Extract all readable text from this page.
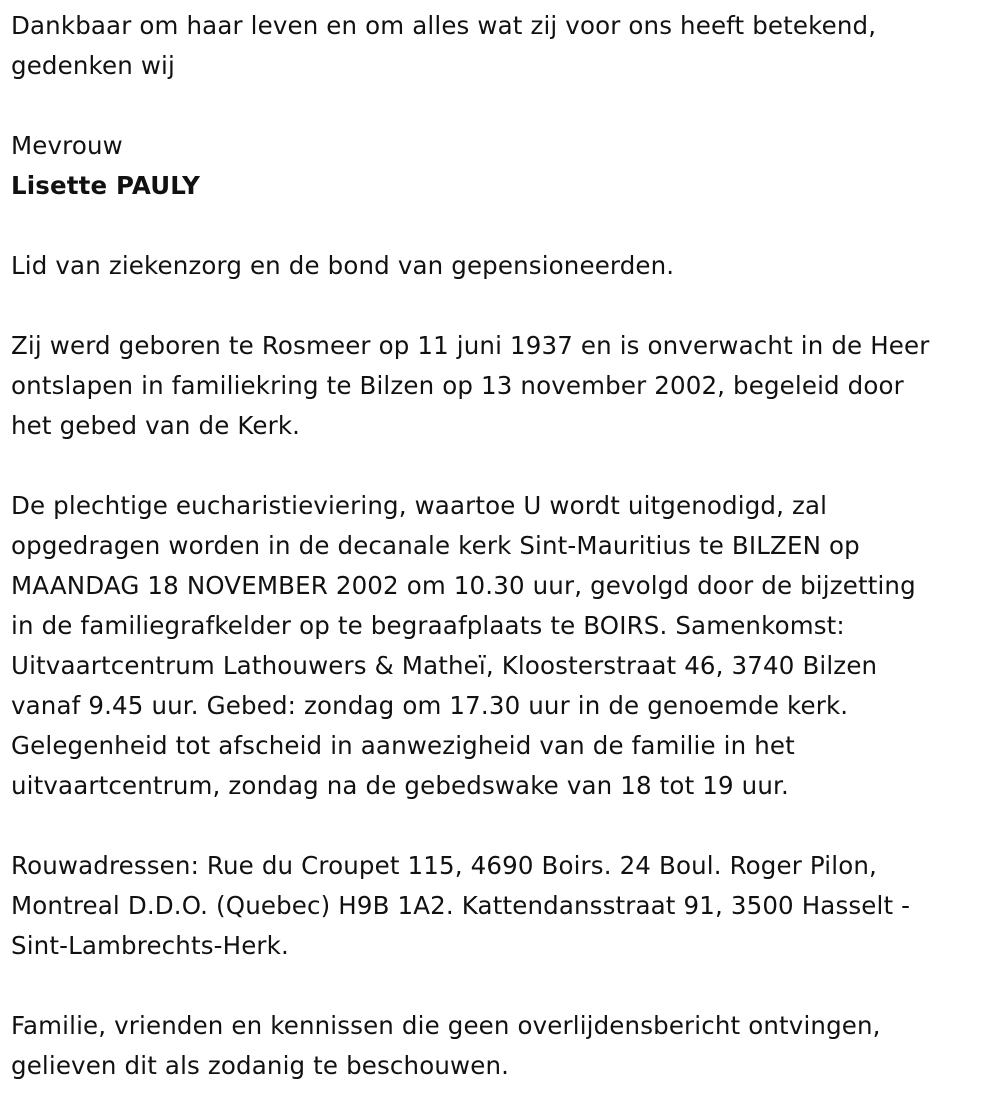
Dankbaar om haar leven en om alles wat zij voor ons heeft betekend,

gedenken wij

Mevrouw

Lisette PAULY

Lid van ziekenzorg en de bond van gepensioneerden.

Zij werd geboren te Rosmeer op 11 juni 1937 en is onverwacht in de Heer

ontslapen in familiekring te Bilzen op 13 november 2002, begeleid door

het gebed van de Kerk.

De plechtige eucharistieviering, waartoe U wordt uitgenodigd, zal

opgedragen worden in de decanale kerk Sint-Mauritius te BILZEN op

MAANDAG 18 NOVEMBER 2002 om 10.30 uur, gevolgd door de bijzetting

in de familiegrafkelder op te begraafplaats te BOIRS. Samenkomst:

Uitvaartcentrum Lathouwers & Matheï, Kloosterstraat 46, 3740 Bilzen

vanaf 9.45 uur. Gebed: zondag om 17.30 uur in de genoemde kerk.

Gelegenheid tot afscheid in aanwezigheid van de familie in het

uitvaartcentrum, zondag na de gebedswake van 18 tot 19 uur.

Rouwadressen: Rue du Croupet 115, 4690 Boirs. 24 Boul. Roger Pilon,

Montreal D.D.O. (Quebec) H9B 1A2. Kattendansstraat 91, 3500 Hasselt -

Sint-Lambrechts-Herk.

Familie, vrienden en kennissen die geen overlijdensbericht ontvingen,

gelieven dit als zodanig te beschouwen.
